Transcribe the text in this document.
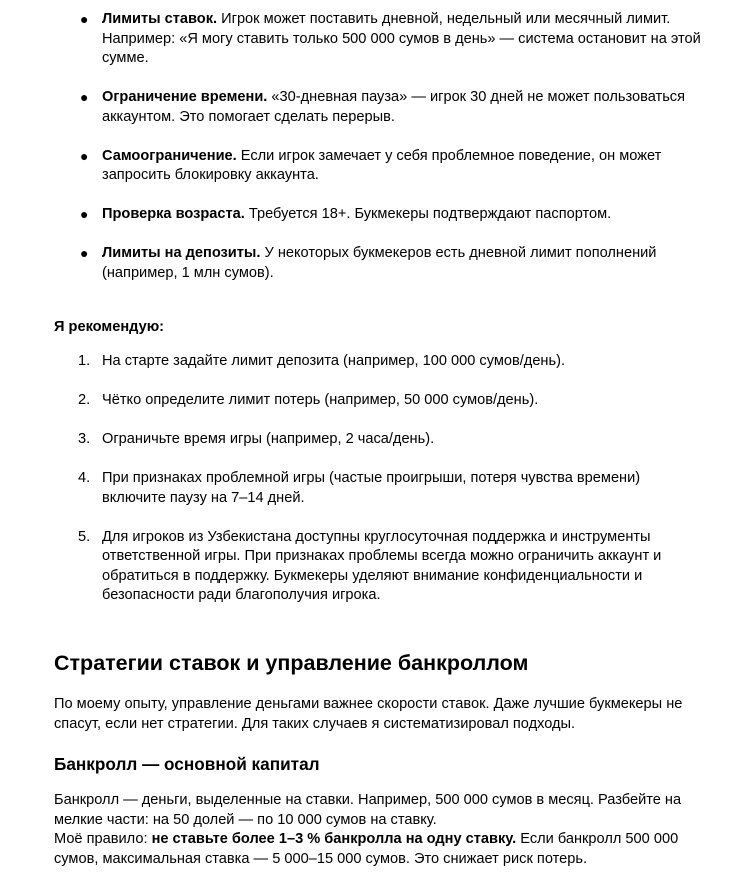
● Лимиты ставок. Игрок может поставить дневной, недельный или месячный лимит. Например: «Я могу ставить только 500 000 сумов в день» — система остановит на этой сумме.
● Ограничение времени. «30-дневная пауза» — игрок 30 дней не может пользоваться аккаунтом. Это помогает сделать перерыв.
● Самоограничение. Если игрок замечает у себя проблемное поведение, он может запросить блокировку аккаунта.
● Проверка возраста. Требуется 18+. Букмекеры подтверждают паспортом.
● Лимиты на депозиты. У некоторых букмекеров есть дневной лимит пополнений (например, 1 млн сумов).
Я рекомендую:
1. На старте задайте лимит депозита (например, 100 000 сумов/день).
2. Чётко определите лимит потерь (например, 50 000 сумов/день).
3. Ограничьте время игры (например, 2 часа/день).
4. При признаках проблемной игры (частые проигрыши, потеря чувства времени) включите паузу на 7–14 дней.
5. Для игроков из Узбекистана доступны круглосуточная поддержка и инструменты ответственной игры. При признаках проблемы всегда можно ограничить аккаунт и обратиться в поддержку. Букмекеры уделяют внимание конфиденциальности и безопасности ради благополучия игрока.
Стратегии ставок и управление банкроллом
По моему опыту, управление деньгами важнее скорости ставок. Даже лучшие букмекеры не спасут, если нет стратегии. Для таких случаев я систематизировал подходы.
Банкролл — основной капитал
Банкролл — деньги, выделенные на ставки. Например, 500 000 сумов в месяц. Разбейте на мелкие части: на 50 долей — по 10 000 сумов на ставку.
Моё правило: не ставьте более 1–3 % банкролла на одну ставку. Если банкролл 500 000 сумов, максимальная ставка — 5 000–15 000 сумов. Это снижает риск потерь.
